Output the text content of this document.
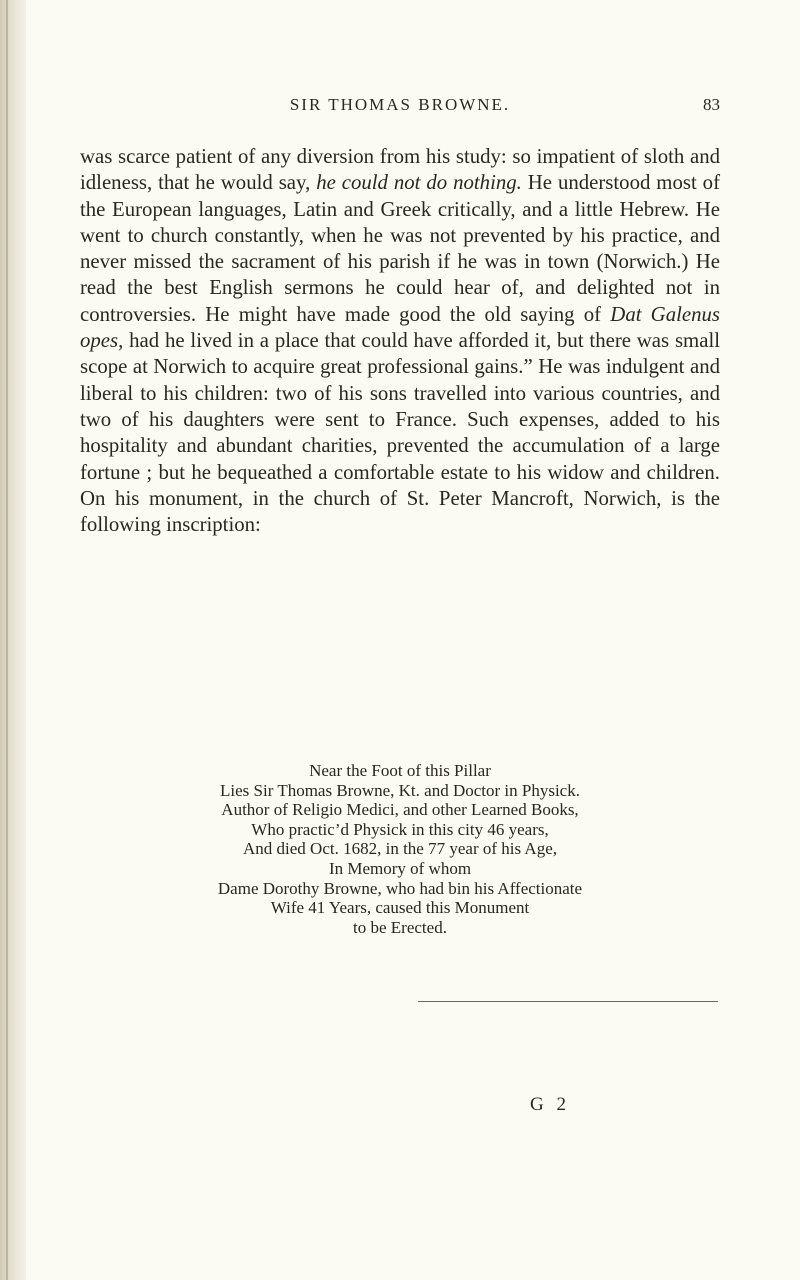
SIR THOMAS BROWNE.	83

was scarce patient of any diversion from his study: so impatient of sloth and idleness, that he would say, he could not do nothing. He understood most of the European languages, Latin and Greek critically, and a little Hebrew. He went to church constantly, when he was not prevented by his practice, and never missed the sacrament of his parish if he was in town (Norwich.) He read the best English sermons he could hear of, and delighted not in controversies. He might have made good the old saying of Dat Galenus opes, had he lived in a place that could have afforded it, but there was small scope at Norwich to acquire great professional gains.” He was indulgent and liberal to his children: two of his sons travelled into various countries, and two of his daughters were sent to France. Such expenses, added to his hospitality and abundant charities, prevented the accumulation of a large fortune ; but he bequeathed a comfortable estate to his widow and children. On his monument, in the church of St. Peter Mancroft, Norwich, is the following inscription:

Near the Foot of this Pillar
Lies Sir Thomas Browne, Kt. and Doctor in Physick.
Author of Religio Medici, and other Learned Books,
Who practic’d Physick in this city 46 years,
And died Oct. 1682, in the 77 year of his Age,
In Memory of whom
Dame Dorothy Browne, who had bin his Affectionate
Wife 41 Years, caused this Monument
to be Erected.
G 2
